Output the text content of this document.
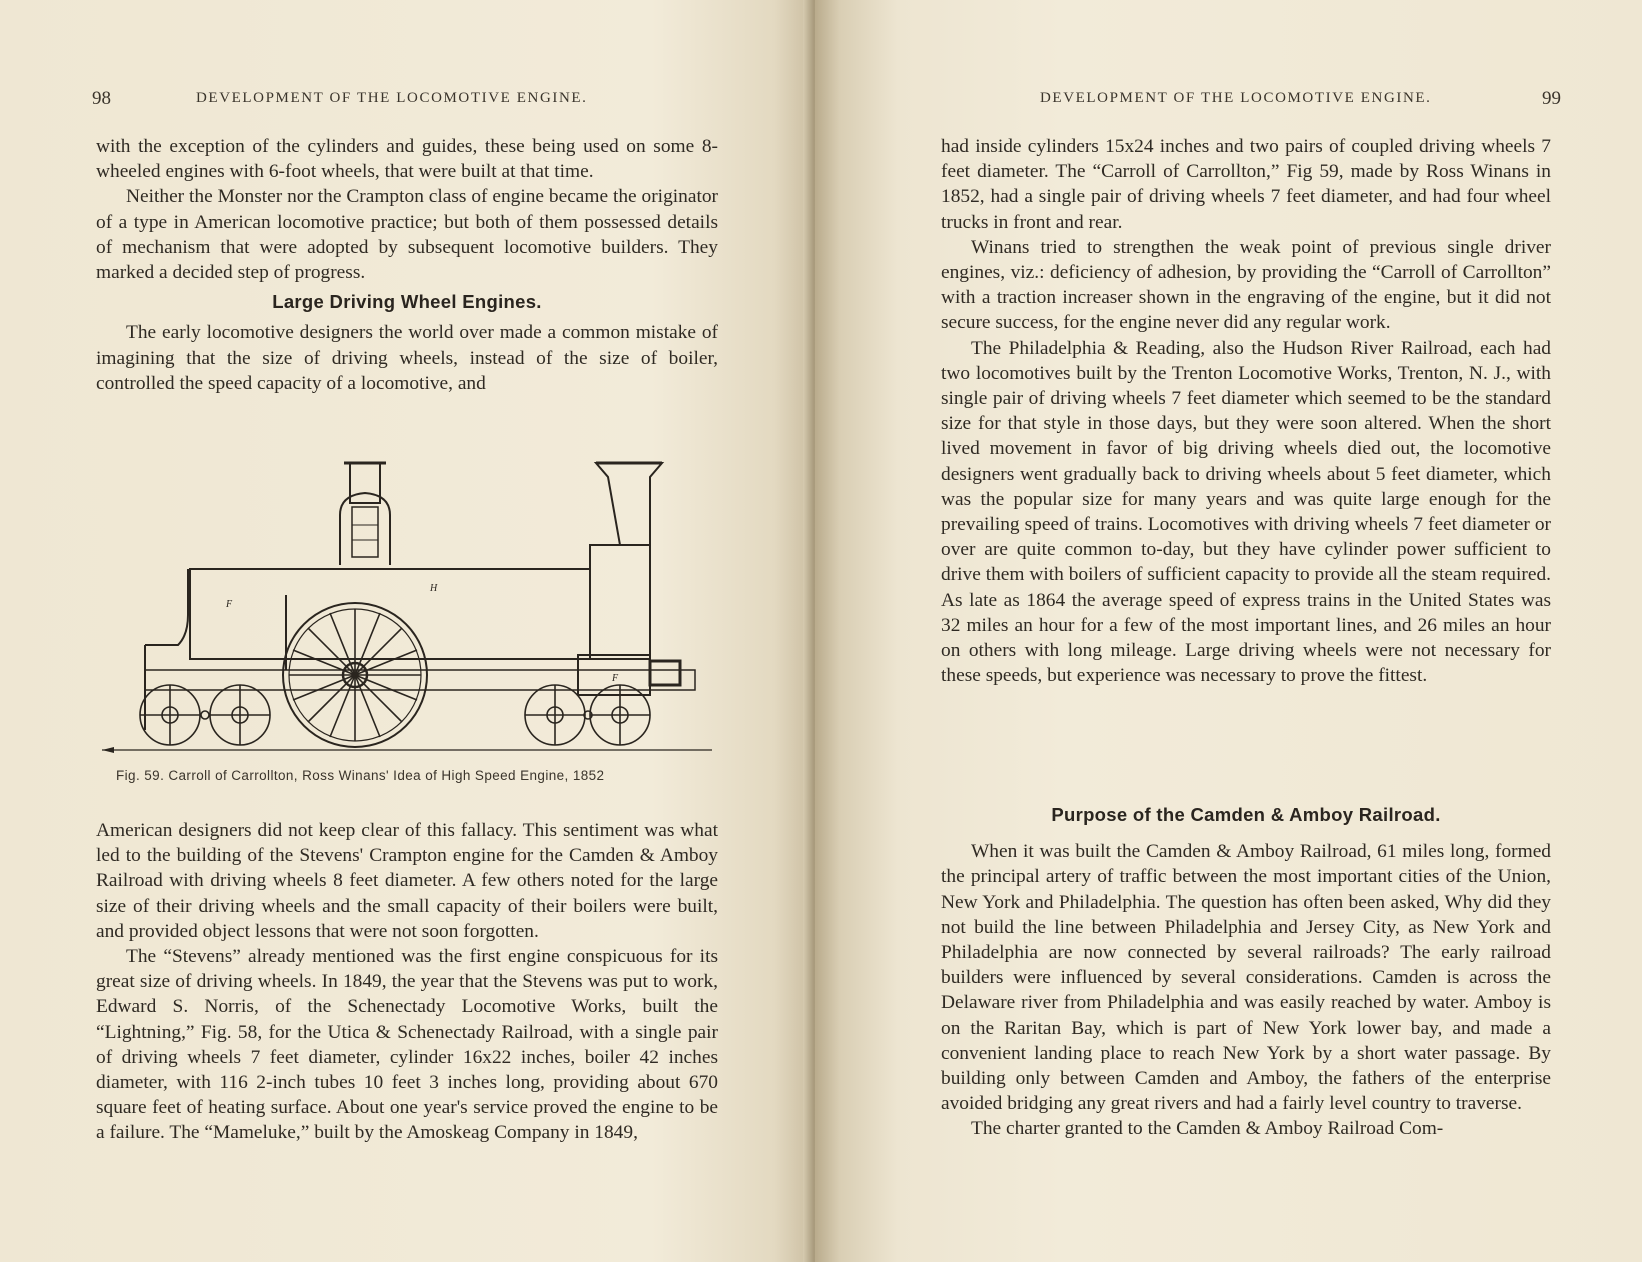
98	DEVELOPMENT OF THE LOCOMOTIVE ENGINE.

with the exception of the cylinders and guides, these being used on some 8-wheeled engines with 6-foot wheels, that were built at that time.

Neither the Monster nor the Crampton class of engine became the originator of a type in American locomotive practice; but both of them possessed details of mechanism that were adopted by subsequent locomotive builders. They marked a decided step of progress.

Large Driving Wheel Engines.

The early locomotive designers the world over made a common mistake of imagining that the size of driving wheels, instead of the size of boiler, controlled the speed capacity of a locomotive, and

F
H
F
Fig. 59. Carroll of Carrollton, Ross Winans' Idea of High Speed Engine, 1852

American designers did not keep clear of this fallacy. This sentiment was what led to the building of the Stevens' Crampton engine for the Camden & Amboy Railroad with driving wheels 8 feet diameter. A few others noted for the large size of their driving wheels and the small capacity of their boilers were built, and provided object lessons that were not soon forgotten.

The “Stevens” already mentioned was the first engine conspicuous for its great size of driving wheels. In 1849, the year that the Stevens was put to work, Edward S. Norris, of the Schenectady Locomotive Works, built the “Lightning,” Fig. 58, for the Utica & Schenectady Railroad, with a single pair of driving wheels 7 feet diameter, cylinder 16x22 inches, boiler 42 inches diameter, with 116 2-inch tubes 10 feet 3 inches long, providing about 670 square feet of heating surface. About one year's service proved the engine to be a failure. The “Mameluke,” built by the Amoskeag Company in 1849,

DEVELOPMENT OF THE LOCOMOTIVE ENGINE.	99

had inside cylinders 15x24 inches and two pairs of coupled driving wheels 7 feet diameter. The “Carroll of Carrollton,” Fig 59, made by Ross Winans in 1852, had a single pair of driving wheels 7 feet diameter, and had four wheel trucks in front and rear.

Winans tried to strengthen the weak point of previous single driver engines, viz.: deficiency of adhesion, by providing the “Carroll of Carrollton” with a traction increaser shown in the engraving of the engine, but it did not secure success, for the engine never did any regular work.

The Philadelphia & Reading, also the Hudson River Railroad, each had two locomotives built by the Trenton Locomotive Works, Trenton, N. J., with single pair of driving wheels 7 feet diameter which seemed to be the standard size for that style in those days, but they were soon altered. When the short lived movement in favor of big driving wheels died out, the locomotive designers went gradually back to driving wheels about 5 feet diameter, which was the popular size for many years and was quite large enough for the prevailing speed of trains. Locomotives with driving wheels 7 feet diameter or over are quite common to-day, but they have cylinder power sufficient to drive them with boilers of sufficient capacity to provide all the steam required. As late as 1864 the average speed of express trains in the United States was 32 miles an hour for a few of the most important lines, and 26 miles an hour on others with long mileage. Large driving wheels were not necessary for these speeds, but experience was necessary to prove the fittest.

Purpose of the Camden & Amboy Railroad.

When it was built the Camden & Amboy Railroad, 61 miles long, formed the principal artery of traffic between the most important cities of the Union, New York and Philadelphia. The question has often been asked, Why did they not build the line between Philadelphia and Jersey City, as New York and Philadelphia are now connected by several railroads? The early railroad builders were influenced by several considerations. Camden is across the Delaware river from Philadelphia and was easily reached by water. Amboy is on the Raritan Bay, which is part of New York lower bay, and made a convenient landing place to reach New York by a short water passage. By building only between Camden and Amboy, the fathers of the enterprise avoided bridging any great rivers and had a fairly level country to traverse.

The charter granted to the Camden & Amboy Railroad Com-
